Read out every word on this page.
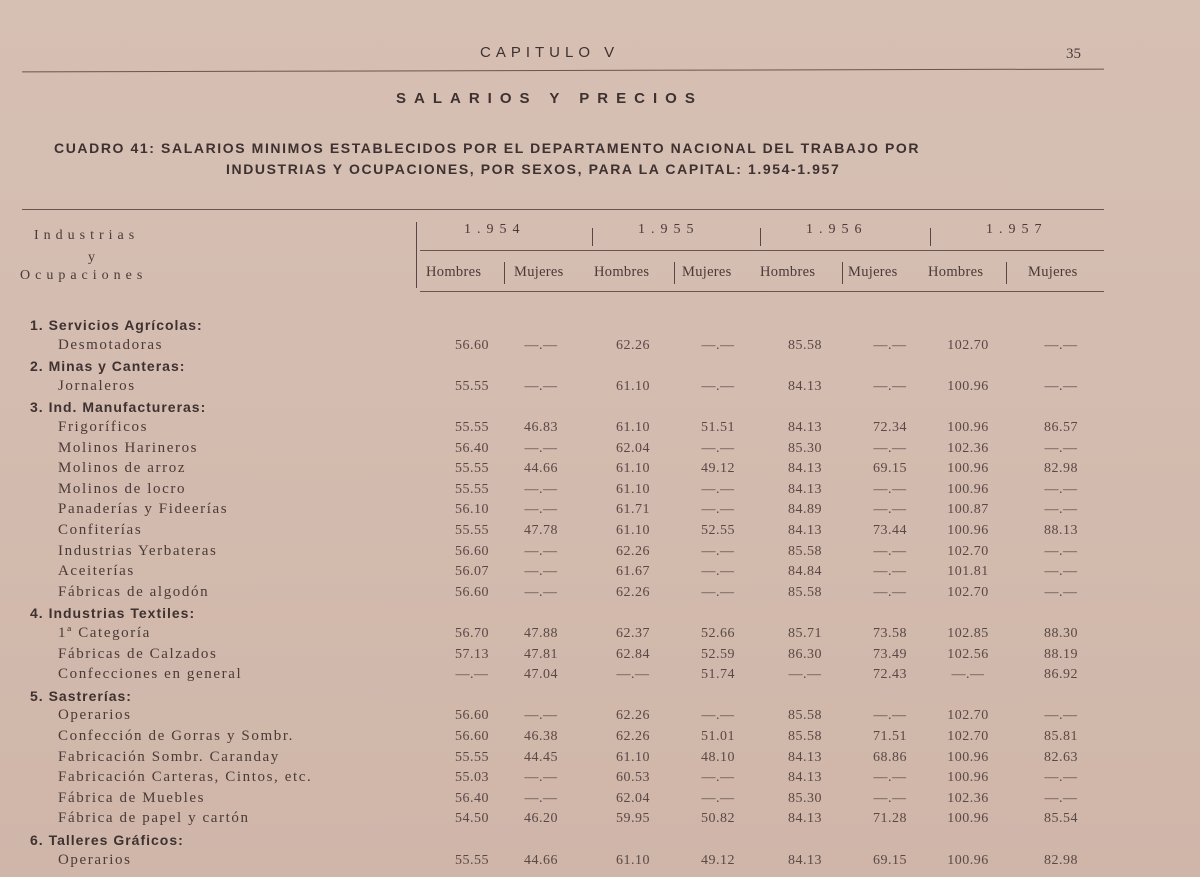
CAPITULO V	35
SALARIOS Y PRECIOS
CUADRO 41: SALARIOS MINIMOS ESTABLECIDOS POR EL DEPARTAMENTO NACIONAL DEL TRABAJO POR
INDUSTRIAS Y OCUPACIONES, POR SEXOS, PARA LA CAPITAL: 1.954-1.957
Industrias
y
Ocupaciones
1.954	1.955	1.956	1.957
Hombres Mujeres Hombres Mujeres Hombres Mujeres Hombres	Mujeres
1. Servicios Agrícolas:
Desmotadoras	56.60	—.—	62.26	—.—	85.58	—.—	102.70	—.—
2. Minas y Canteras:
Jornaleros	55.55	—.—	61.10	—.—	84.13	—.—	100.96	—.—
3. Ind. Manufactureras:
Frigoríficos	55.55	46.83	61.10	51.51	84.13	72.34	100.96	86.57
Molinos Harineros	56.40	—.—	62.04	—.—	85.30	—.—	102.36	—.—
Molinos de arroz	55.55	44.66	61.10	49.12	84.13	69.15	100.96	82.98
Molinos de locro	55.55	—.—	61.10	—.—	84.13	—.—	100.96	—.—
Panaderías y Fideerías	56.10	—.—	61.71	—.—	84.89	—.—	100.87	—.—
Confiterías	55.55	47.78	61.10	52.55	84.13	73.44	100.96	88.13
Industrias Yerbateras	56.60	—.—	62.26	—.—	85.58	—.—	102.70	—.—
Aceiterías	56.07	—.—	61.67	—.—	84.84	—.—	101.81	—.—
Fábricas de algodón	56.60	—.—	62.26	—.—	85.58	—.—	102.70	—.—
4. Industrias Textiles:
1ª Categoría	56.70	47.88	62.37	52.66	85.71	73.58	102.85	88.30
Fábricas de Calzados	57.13	47.81	62.84	52.59	86.30	73.49	102.56	88.19
Confecciones en general	—.—	47.04	—.—	51.74	—.—	72.43	—.—	86.92
5. Sastrerías:
Operarios	56.60	—.—	62.26	—.—	85.58	—.—	102.70	—.—
Confección de Gorras y Sombr.	56.60	46.38	62.26	51.01	85.58	71.51	102.70	85.81
Fabricación Sombr. Caranday	55.55	44.45	61.10	48.10	84.13	68.86	100.96	82.63
Fabricación Carteras, Cintos, etc.	55.03	—.—	60.53	—.—	84.13	—.—	100.96	—.—
Fábrica de Muebles	56.40	—.—	62.04	—.—	85.30	—.—	102.36	—.—
Fábrica de papel y cartón	54.50	46.20	59.95	50.82	84.13	71.28	100.96	85.54
6. Talleres Gráficos:
Operarios	55.55	44.66	61.10	49.12	84.13	69.15	100.96	82.98
